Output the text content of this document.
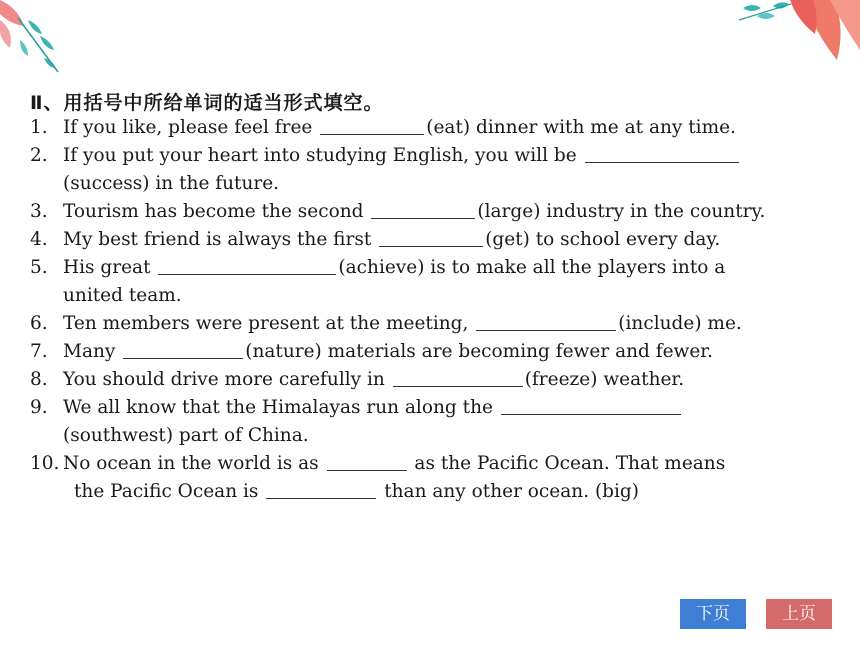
Ⅱ、用括号中所给单词的适当形式填空。
1. If you like, please feel free	(eat) dinner with me at any time.
2. If you put your heart into studying English, you will be
(success) in the future.
3. Tourism has become the second	(large) industry in the country.
4. My best friend is always the first	(get) to school every day.
5. His great	(achieve) is to make all the players into a
united team.
6. Ten members were present at the meeting,	(include) me.
7. Many	(nature) materials are becoming fewer and fewer.
8. You should drive more carefully in	(freeze) weather.
9. We all know that the Himalayas run along the
(southwest) part of China.
10. No ocean in the world is as	as the Pacific Ocean. That means
the Pacific Ocean is	than any other ocean. (big)
下页	上页
